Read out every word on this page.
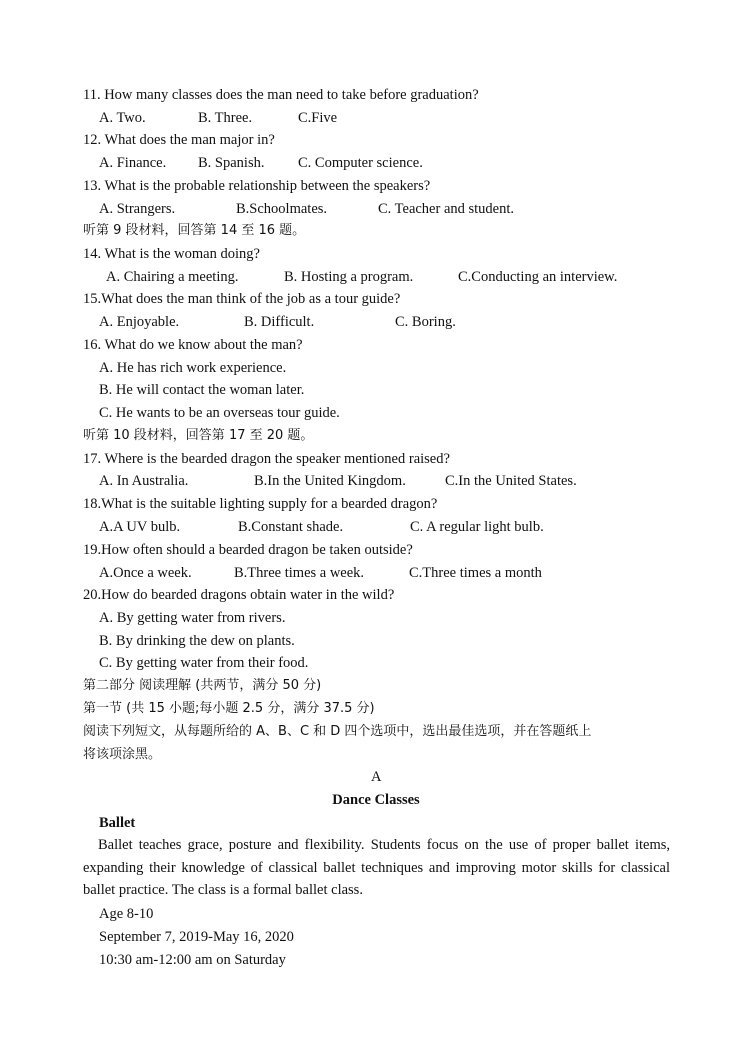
11. How many classes does the man need to take before graduation?
A. Two.	B. Three.	C.Five
12. What does the man major in?
A. Finance. B. Spanish. C. Computer science.
13. What is the probable relationship between the speakers?
A. Strangers.	B.Schoolmates.	C. Teacher and student.
听第 9 段材料，回答第 14 至 16 题。
14. What is the woman doing?
A. Chairing a meeting.	B. Hosting a program.	C.Conducting an interview.
15.What does the man think of the job as a tour guide?
A. Enjoyable.	B. Difficult.	C. Boring.
16. What do we know about the man?
A. He has rich work experience.
B. He will contact the woman later.
C. He wants to be an overseas tour guide.
听第 10 段材料，回答第 17 至 20 题。
17. Where is the bearded dragon the speaker mentioned raised?
A. In Australia.	B.In the United Kingdom.	C.In the United States.
18.What is the suitable lighting supply for a bearded dragon?
A.A UV bulb.	B.Constant shade.	C. A regular light bulb.
19.How often should a bearded dragon be taken outside?
A.Once a week.	B.Three times a week.	C.Three times a month
20.How do bearded dragons obtain water in the wild?
A. By getting water from rivers.
B. By drinking the dew on plants.
C. By getting water from their food.
第二部分 阅读理解 (共两节，满分 50 分)
第一节 (共 15 小题;每小题 2.5 分，满分 37.5 分)
阅读下列短文，从每题所给的 A、B、C 和 D 四个选项中，选出最佳选项，并在答题纸上
将该项涂黑。
A
Dance Classes
Ballet
Ballet teaches grace, posture and flexibility. Students focus on the use of proper ballet items, expanding their knowledge of classical ballet techniques and improving motor skills for classical ballet practice. The class is a formal ballet class.
Age 8-10
September 7, 2019-May 16, 2020
10:30 am-12:00 am on Saturday
